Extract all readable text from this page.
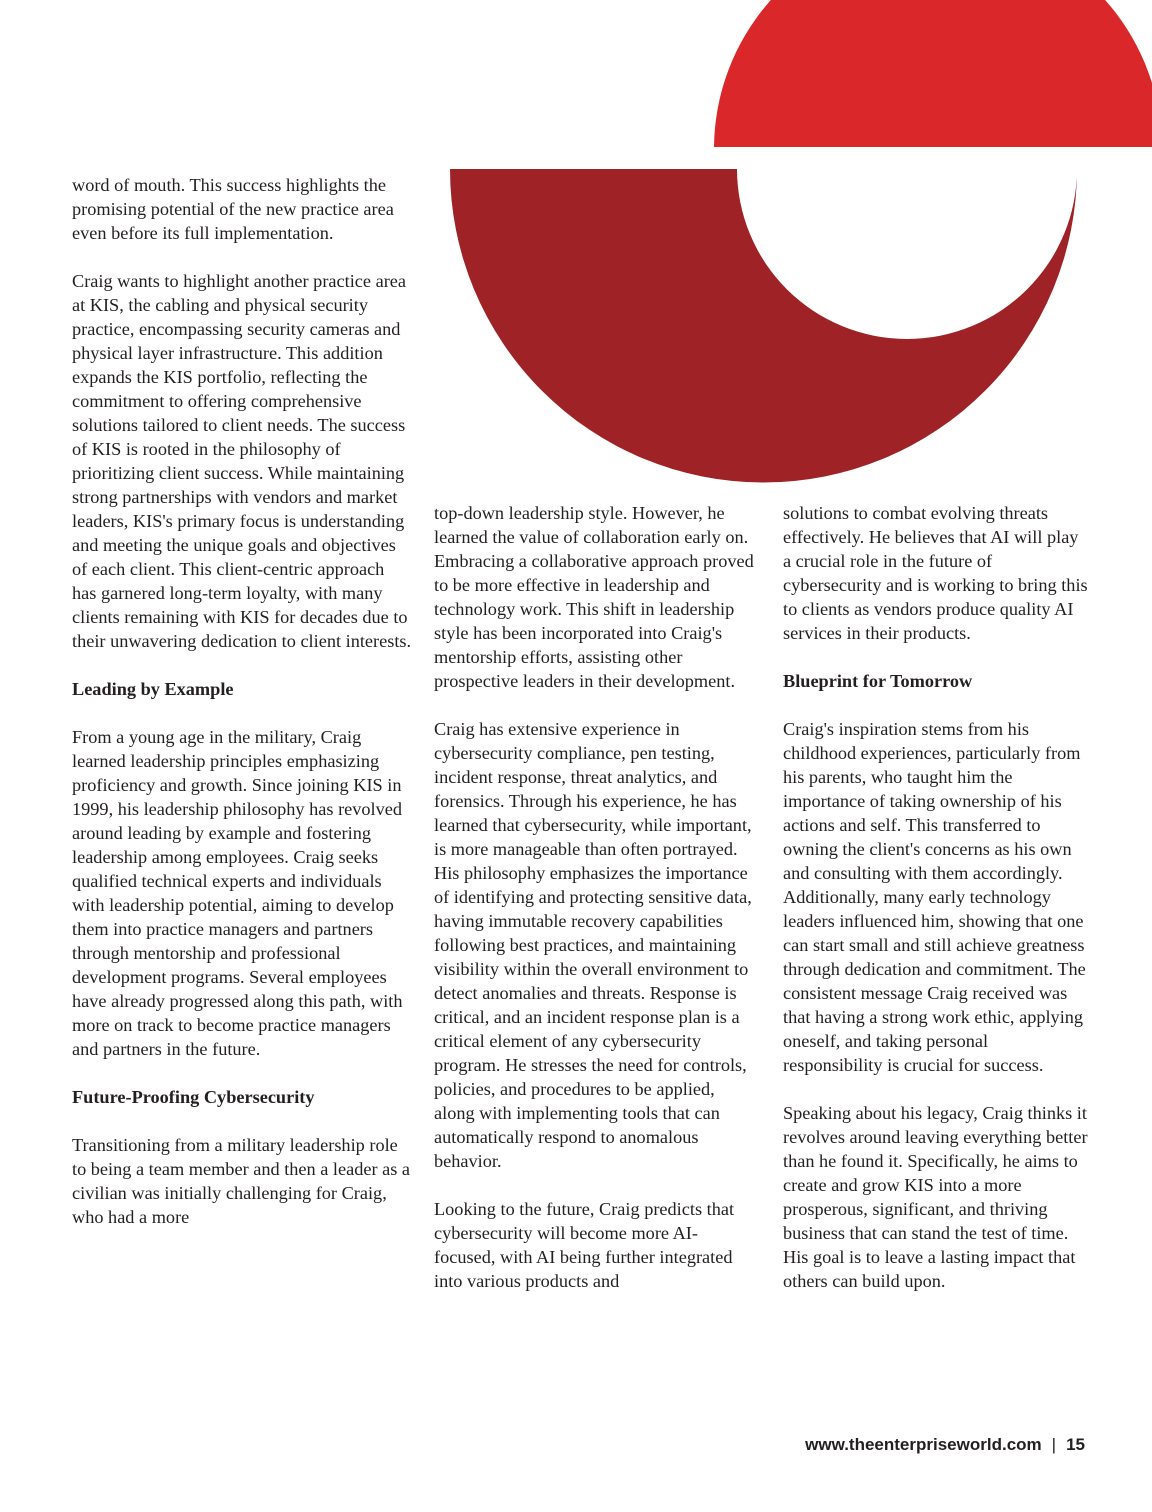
word of mouth. This success highlights the promising potential of the new practice area even before its full implementation.

Craig wants to highlight another practice area at KIS, the cabling and physical security practice, encompassing security cameras and physical layer infrastructure. This addition expands the KIS portfolio, reflecting the commitment to offering comprehensive solutions tailored to client needs. The success of KIS is rooted in the philosophy of prioritizing client success. While maintaining strong partnerships with vendors and market leaders, KIS's primary focus is understanding and meeting the unique goals and objectives of each client. This client-centric approach has garnered long-term loyalty, with many clients remaining with KIS for decades due to their unwavering dedication to client interests.

Leading by Example

From a young age in the military, Craig learned leadership principles emphasizing proficiency and growth. Since joining KIS in 1999, his leadership philosophy has revolved around leading by example and fostering leadership among employees. Craig seeks qualified technical experts and individuals with leadership potential, aiming to develop them into practice managers and partners through mentorship and professional development programs. Several employees have already progressed along this path, with more on track to become practice managers and partners in the future.

Future-Proofing Cybersecurity

Transitioning from a military leadership role to being a team member and then a leader as a civilian was initially challenging for Craig, who had a more

top-down leadership style. However, he learned the value of collaboration early on. Embracing a collaborative approach proved to be more effective in leadership and technology work. This shift in leadership style has been incorporated into Craig's mentorship efforts, assisting other prospective leaders in their development.

Craig has extensive experience in cybersecurity compliance, pen testing, incident response, threat analytics, and forensics. Through his experience, he has learned that cybersecurity, while important, is more manageable than often portrayed. His philosophy emphasizes the importance of identifying and protecting sensitive data, having immutable recovery capabilities following best practices, and maintaining visibility within the overall environment to detect anomalies and threats. Response is critical, and an incident response plan is a critical element of any cybersecurity program. He stresses the need for controls, policies, and procedures to be applied, along with implementing tools that can automatically respond to anomalous behavior.

Looking to the future, Craig predicts that cybersecurity will become more AI-focused, with AI being further integrated into various products and

solutions to combat evolving threats effectively. He believes that AI will play a crucial role in the future of cybersecurity and is working to bring this to clients as vendors produce quality AI services in their products.

Blueprint for Tomorrow

Craig's inspiration stems from his childhood experiences, particularly from his parents, who taught him the importance of taking ownership of his actions and self. This transferred to owning the client's concerns as his own and consulting with them accordingly. Additionally, many early technology leaders influenced him, showing that one can start small and still achieve greatness through dedication and commitment. The consistent message Craig received was that having a strong work ethic, applying oneself, and taking personal responsibility is crucial for success.

Speaking about his legacy, Craig thinks it revolves around leaving everything better than he found it. Specifically, he aims to create and grow KIS into a more prosperous, significant, and thriving business that can stand the test of time. His goal is to leave a lasting impact that others can build upon.

www.theenterpriseworld.com | 15
